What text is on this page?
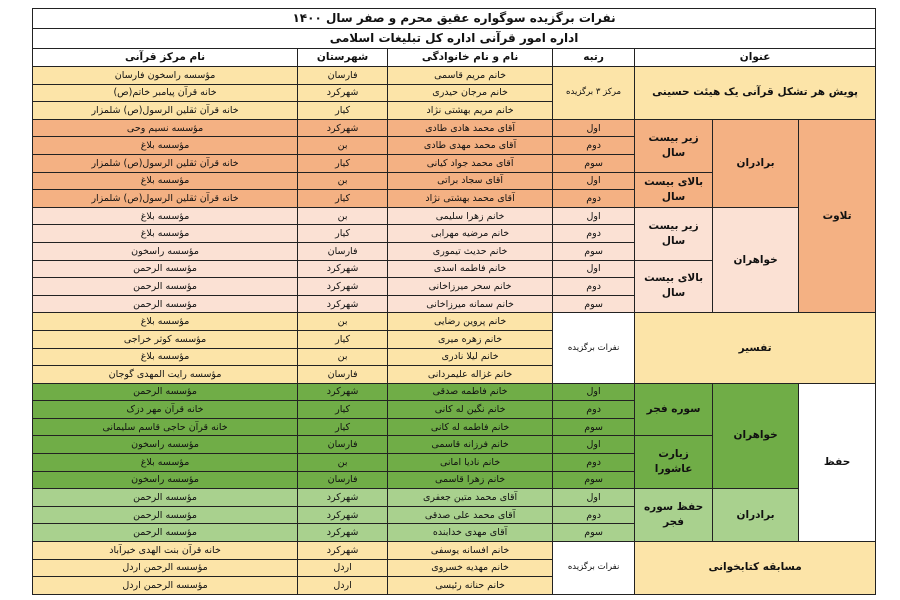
نفرات برگزیده سوگواره عقیق محرم و صفر سال ۱۴۰۰						
اداره امور قرآنی اداره کل تبلیغات اسلامی						
عنوان			رتبه	نام و نام خانوادگی	شهرستان	نام مرکز قرآنی
پویش هر تشکل قرآنی یک هیئت حسینی			مرکز ۳ برگزیده	خانم مریم قاسمی	فارسان	مؤسسه راسخون فارسان
				خانم مرجان حیدری	شهرکرد	خانه قرآن پیامبر خاتم(ص)
				خانم مریم بهشتی نژاد	کیار	خانه قرآن ثقلین الرسول(ص) شلمزار
تلاوت	برادران	زیر بیست سال	اول	آقای محمد هادی طادی	شهرکرد	مؤسسه نسیم وحی
			دوم	آقای محمد مهدی طادی	بن	مؤسسه بلاغ
			سوم	آقای محمد جواد کیانی	کیار	خانه قرآن ثقلین الرسول(ص) شلمزار
		بالای بیست سال	اول	آقای سجاد براتی	بن	مؤسسه بلاغ
			دوم	آقای محمد بهشتی نژاد	کیار	خانه قرآن ثقلین الرسول(ص) شلمزار
	خواهران	زیر بیست سال	اول	خانم زهرا سلیمی	بن	مؤسسه بلاغ
			دوم	خانم مرضیه مهرابی	کیار	مؤسسه بلاغ
			سوم	خانم حدیث تیموری	فارسان	مؤسسه راسخون
		بالای بیست سال	اول	خانم فاطمه اسدی	شهرکرد	مؤسسه الرحمن
			دوم	خانم سحر میرزاخانی	شهرکرد	مؤسسه الرحمن
			سوم	خانم سمانه میرزاخانی	شهرکرد	مؤسسه الرحمن
تفسیر			نفرات برگزیده	خانم پروین رضایی	بن	مؤسسه بلاغ
				خانم زهره میری	کیار	مؤسسه کوثر خراجی
				خانم لیلا نادری	بن	مؤسسه بلاغ
				خانم غزاله علیمردانی	فارسان	مؤسسه رایت المهدی گوجان
حفظ	خواهران	سوره فجر	اول	خانم فاطمه صدقی	شهرکرد	مؤسسه الرحمن
			دوم	خانم نگین له کانی	کیار	خانه قرآن مهر دزک
			سوم	خانم فاطمه له کانی	کیار	خانه قرآن حاجی قاسم سلیمانی
		زیارت عاشورا	اول	خانم فرزانه قاسمی	فارسان	مؤسسه راسخون
			دوم	خانم نادیا امانی	بن	مؤسسه بلاغ
			سوم	خانم زهرا قاسمی	فارسان	مؤسسه راسخون
	برادران	حفظ سوره فجر	اول	آقای محمد متین جعفری	شهرکرد	مؤسسه الرحمن
			دوم	آقای محمد علی صدقی	شهرکرد	مؤسسه الرحمن
			سوم	آقای مهدی خدابنده	شهرکرد	مؤسسه الرحمن
مسابقه کتابخوانی			نفرات برگزیده	خانم افسانه یوسفی	شهرکرد	خانه قرآن بنت الهدی خیرآباد
				خانم مهدیه خسروی	اردل	مؤسسه الرحمن اردل
				خانم حنانه رئیسی	اردل	مؤسسه الرحمن اردل
